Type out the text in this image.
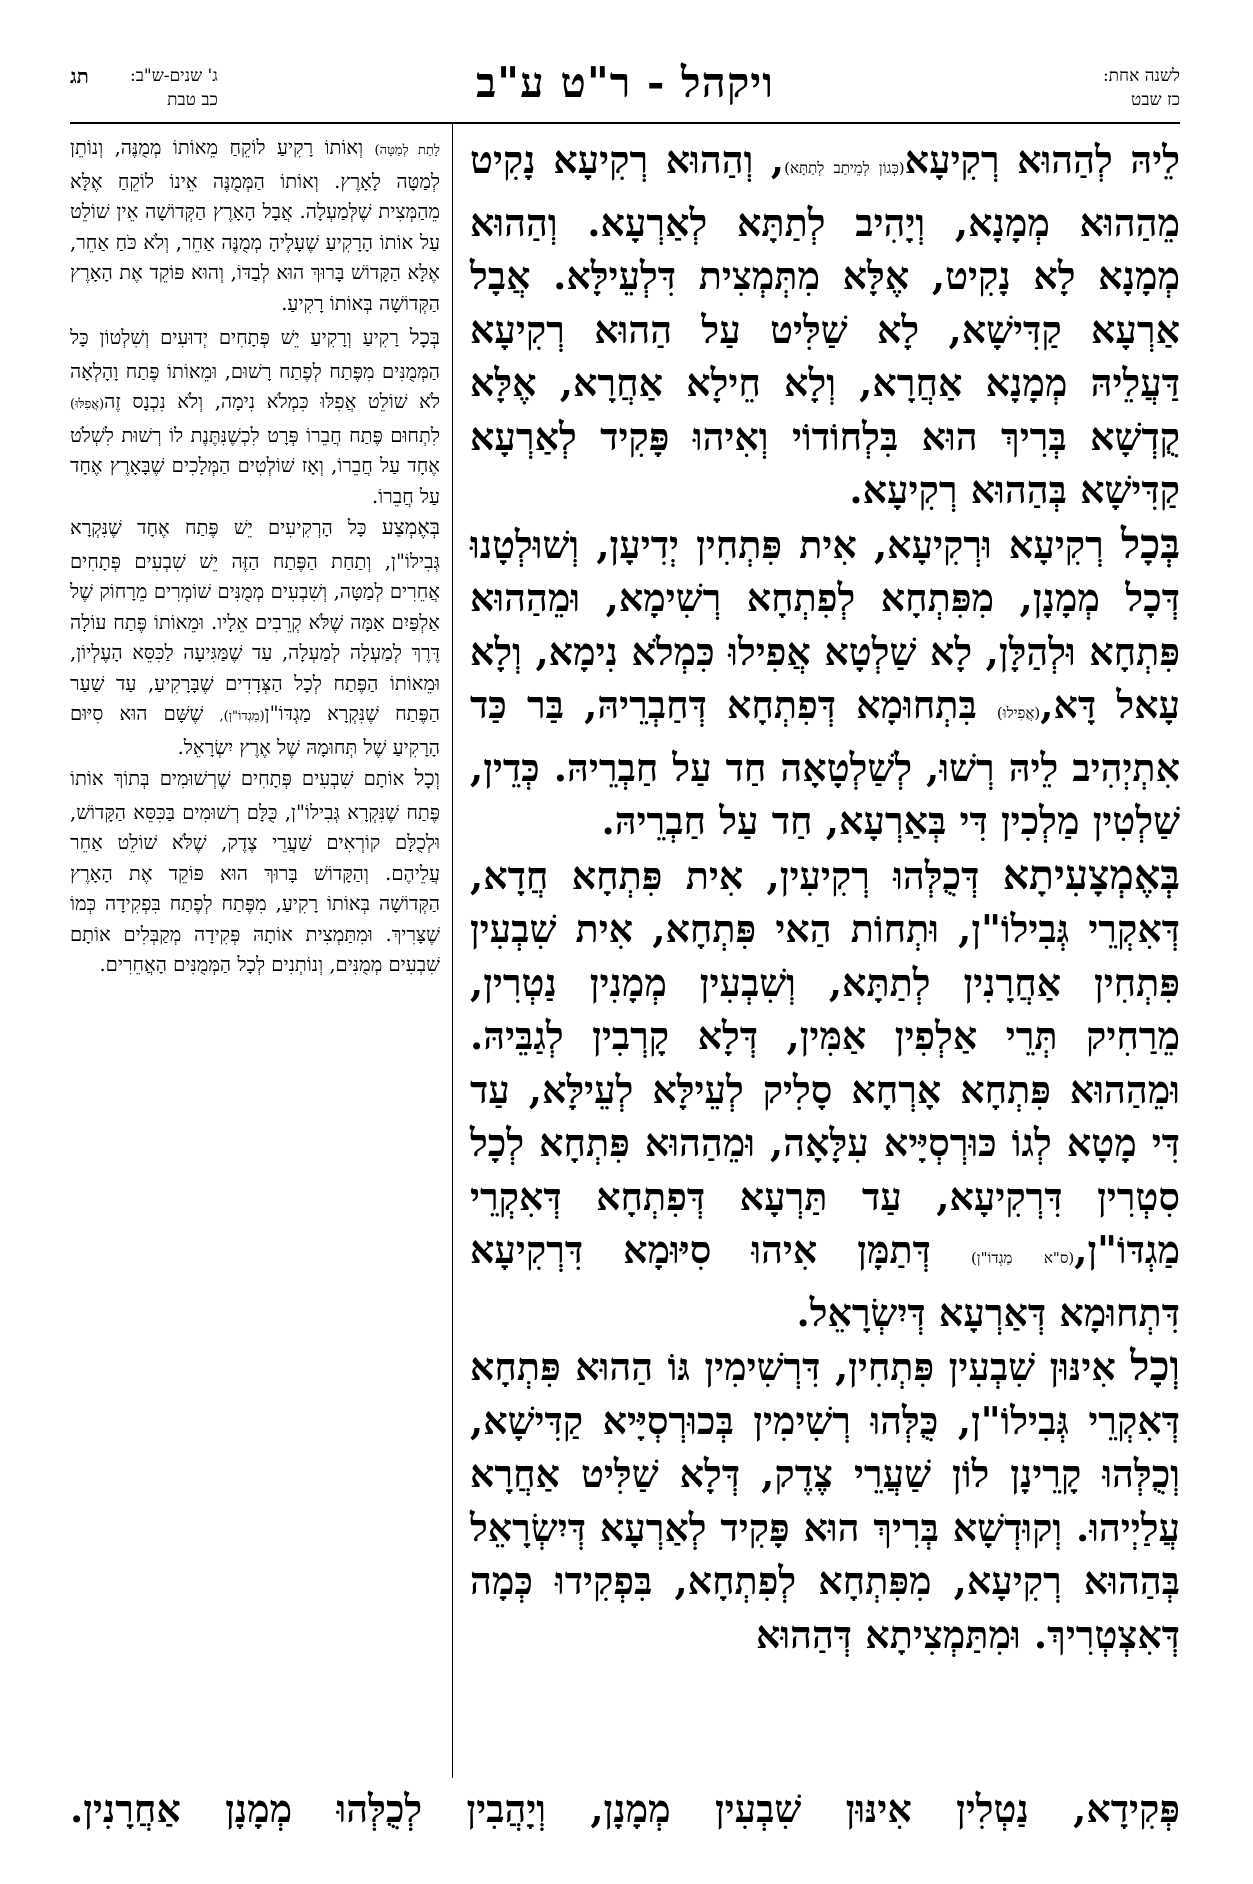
לשנה אחת:
כז שבט
ויקהל - ר"ט ע"ב
תג ג' שנים-ש"ב:
כב טבת

לֵיהּ לְהַהוּא רְקִיעָא(כְּגוֹן לְמֵיתַב לְתַתָּא), וְהַהוּא רְקִיעָא נָקִיט מֵהַהוּא מְמָנָא, וְיָהִיב לְתַתָּא לְאַרְעָא. וְהַהוּא מְמָנָא לָא נָקִיט, אֶלָּא מִתְּמְצִית דִּלְעֵילָּא. אֲבָל אַרְעָא קַדִּישָׁא, לָא שַׁלִּיט עַל הַהוּא רְקִיעָא דַּעֲלֵיהּ מְמָנָא אַחֲרָא, וְלָא חֵילָא אַחֲרָא, אֶלָּא קֻדְשָׁא בְּרִיךְ הוּא בִּלְחוֹדוֹי וְאִיהוּ פָּקִיד לְאַרְעָא קַדִּישָׁא בְּהַהוּא רְקִיעָא.

בְּכָל רְקִיעָא וּרְקִיעָא, אִית פִּתְחִין יְדִיעָן, וְשׁוּלְטָנוּ דְּכָל מְמָנָן, מִפִּתְחָא לְפִתְחָא רְשִׁימָא, וּמֵהַהוּא פִּתְחָא וּלְהַלָּן, לָא שַׁלְטָא אֲפִילוּ כִּמְלֹא נִימָא, וְלָא עָאל דָּא,(אֲפִילוּ) בִּתְחוּמָא דְּפִתְחָא דְּחַבְרֵיהּ, בַּר כַּד אִתְיְהִיב לֵיהּ רְשׁוּ, לְשַׁלְטָאָה חַד עַל חַבְרֵיהּ. כְּדֵין, שַׁלְטִין מַלְכִין דִּי בְּאַרְעָא, חַד עַל חַבְרֵיהּ.

בְּאֶמְצָעִיתָא דְּכֻלְּהוּ רְקִיעִין, אִית פִּתְחָא חֲדָא, דְּאִקְרֵי גְּבִילוֹ"ן, וּתְחוֹת הַאי פִּתְחָא, אִית שִׁבְעִין פִּתְחִין אַחֲרָנִין לְתַתָּא, וְשִׁבְעִין מְמָנִין נַטְרִין, מֵרַחִיק תְּרֵי אַלְפִין אַמִּין, דְּלָא קָרְבִין לְגַבֵּיהּ. וּמֵהַהוּא פִּתְחָא אָרְחָא סָלִיק לְעֵילָּא לְעֵילָּא, עַד דִּי מָטָא לְגוֹ כּוּרְסְיָּיא עִלָּאָה, וּמֵהַהוּא פִּתְחָא לְכָל סִטְרִין דִּרְקִיעָא, עַד תַּרְעָא דְּפִתְחָא דְּאִקְרֵי מַגְדּוֹ"ן,(ס"א מַגְדוֹ"ן) דְּתַמָּן אִיהוּ סִיּוּמָא דִּרְקִיעָא דִּתְחוּמָא דְּאַרְעָא דְּיִשְׂרָאֵל.

וְכָל אִינּוּן שִׁבְעִין פִּתְחִין, דִּרְשִׁימִין גּוֹ הַהוּא פִּתְחָא דְּאִקְרֵי גְּבִילוֹ"ן, כֻּלְּהוּ רְשִׁימִין בְּכוּרְסְיָּיא קַדִּישָׁא, וְכֻלְּהוּ קָרֵינָן לוֹן שַׁעֲרֵי צֶדֶק, דְּלָא שַׁלִּיט אַחֲרָא עֲלַיְיהוּ. וְקוּדְשָׁא בְּרִיךְ הוּא פָּקִיד לְאַרְעָא דְּיִשְׂרָאֵל בְּהַהוּא רְקִיעָא, מִפִּתְחָא לְפִתְחָא, בִּפְקִידוּ כְּמָה דְּאִצְטְרִיךְ. וּמִתַּמְצִיתָא דְּהַהוּא

לָתֵת לְמַטָּה) וְאוֹתוֹ רָקִיעַ לוֹקֵחַ מֵאוֹתוֹ מְמֻנֶּה, וְנוֹתֵן לְמַטָּה לָאָרֶץ. וְאוֹתוֹ הַמְּמֻנֶּה אֵינוֹ לוֹקֵחַ אֶלָּא מֵהַמְּצִית שֶׁלְּמַעְלָה. אֲבָל הָאָרֶץ הַקְּדוֹשָׁה אֵין שׁוֹלֵט עַל אוֹתוֹ הָרָקִיעַ שֶׁעָלֶיהָ מְמֻנֶּה אַחֵר, וְלֹא כֹּחַ אַחֵר, אֶלָּא הַקָּדוֹשׁ בָּרוּךְ הוּא לְבַדּוֹ, וְהוּא פּוֹקֵד אֶת הָאָרֶץ הַקְּדוֹשָׁה בְּאוֹתוֹ רָקִיעַ.

בְּכָל רָקִיעַ וְרָקִיעַ יֵשׁ פְּתָחִים יְדוּעִים וְשִׁלְטוֹן כָּל הַמְּמֻנִּים מִפֶּתַח לְפֶתַח רָשׁוּם, וּמֵאוֹתוֹ פֶּתַח וָהָלְאָה לֹא שׁוֹלֵט אֲפִלּוּ כִּמְלֹא נִימָה, וְלֹא נִכְנָס זֶה(אֲפִלּוּ) לִתְחוּם פֶּתַח חֲבֵרוֹ פְּרָט לִכְשֶׁנִּתֶּנֶת לוֹ רְשׁוּת לִשְׁלֹט אֶחָד עַל חֲבֵרוֹ, וְאָז שׁוֹלְטִים הַמְּלָכִים שֶׁבָּאָרֶץ אֶחָד עַל חֲבֵרוֹ.

בְּאֶמְצַע כָּל הָרְקִיעִים יֵשׁ פֶּתַח אֶחָד שֶׁנִּקְרָא גְּבִילוֹ"ן, וְתַחַת הַפֶּתַח הַזֶּה יֵשׁ שִׁבְעִים פְּתָחִים אֲחֵרִים לְמַטָּה, וְשִׁבְעִים מְמֻנִּים שׁוֹמְרִים מֵרָחוֹק שֶׁל אַלְפַּיִם אַמָּה שֶׁלֹּא קְרֵבִים אֵלָיו. וּמֵאוֹתוֹ פֶּתַח עוֹלָה דֶּרֶךְ לְמַעְלָה לְמַעְלָה, עַד שֶׁמַּגִּיעָה לַכִּסֵּא הָעֶלְיוֹן, וּמֵאוֹתוֹ הַפֶּתַח לְכָל הַצְּדָדִים שֶׁבָּרָקִיעַ, עַד שַׁעַר הַפֶּתַח שֶׁנִּקְרָא מַגְדּוֹ"ן(מַגְדוֹ"ן), שֶׁשָּׁם הוּא סִיּוּם הָרָקִיעַ שֶׁל תְּחוּמָהּ שֶׁל אֶרֶץ יִשְׂרָאֵל.

וְכָל אוֹתָם שִׁבְעִים פְּתָחִים שֶׁרְשׁוּמִים בְּתוֹךְ אוֹתוֹ פֶּתַח שֶׁנִּקְרָא גְּבִילוֹ"ן, כֻּלָּם רְשׁוּמִים בַּכִּסֵּא הַקָּדוֹשׁ, וּלְכֻלָּם קוֹרְאִים שַׁעֲרֵי צֶדֶק, שֶׁלֹּא שׁוֹלֵט אַחֵר עֲלֵיהֶם. וְהַקָּדוֹשׁ בָּרוּךְ הוּא פּוֹקֵד אֶת הָאָרֶץ הַקְּדוֹשָׁה בְּאוֹתוֹ רָקִיעַ, מִפֶּתַח לְפֶתַח בִּפְקִידָה כְּמוֹ שֶׁצָּרִיךְ. וּמִתַּמְצִית אוֹתָהּ פְּקִידָה מְקַבְּלִים אוֹתָם שִׁבְעִים מְמֻנִּים, וְנוֹתְנִים לְכָל הַמְּמֻנִּים הָאֲחֵרִים.

פְּקִידָא, נַטְלִין אִינּוּן שִׁבְעִין מְמָנָן, וְיָהֲבִין לְכֻלְּהוּ מְמָנָן אַחֲרָנִין.
